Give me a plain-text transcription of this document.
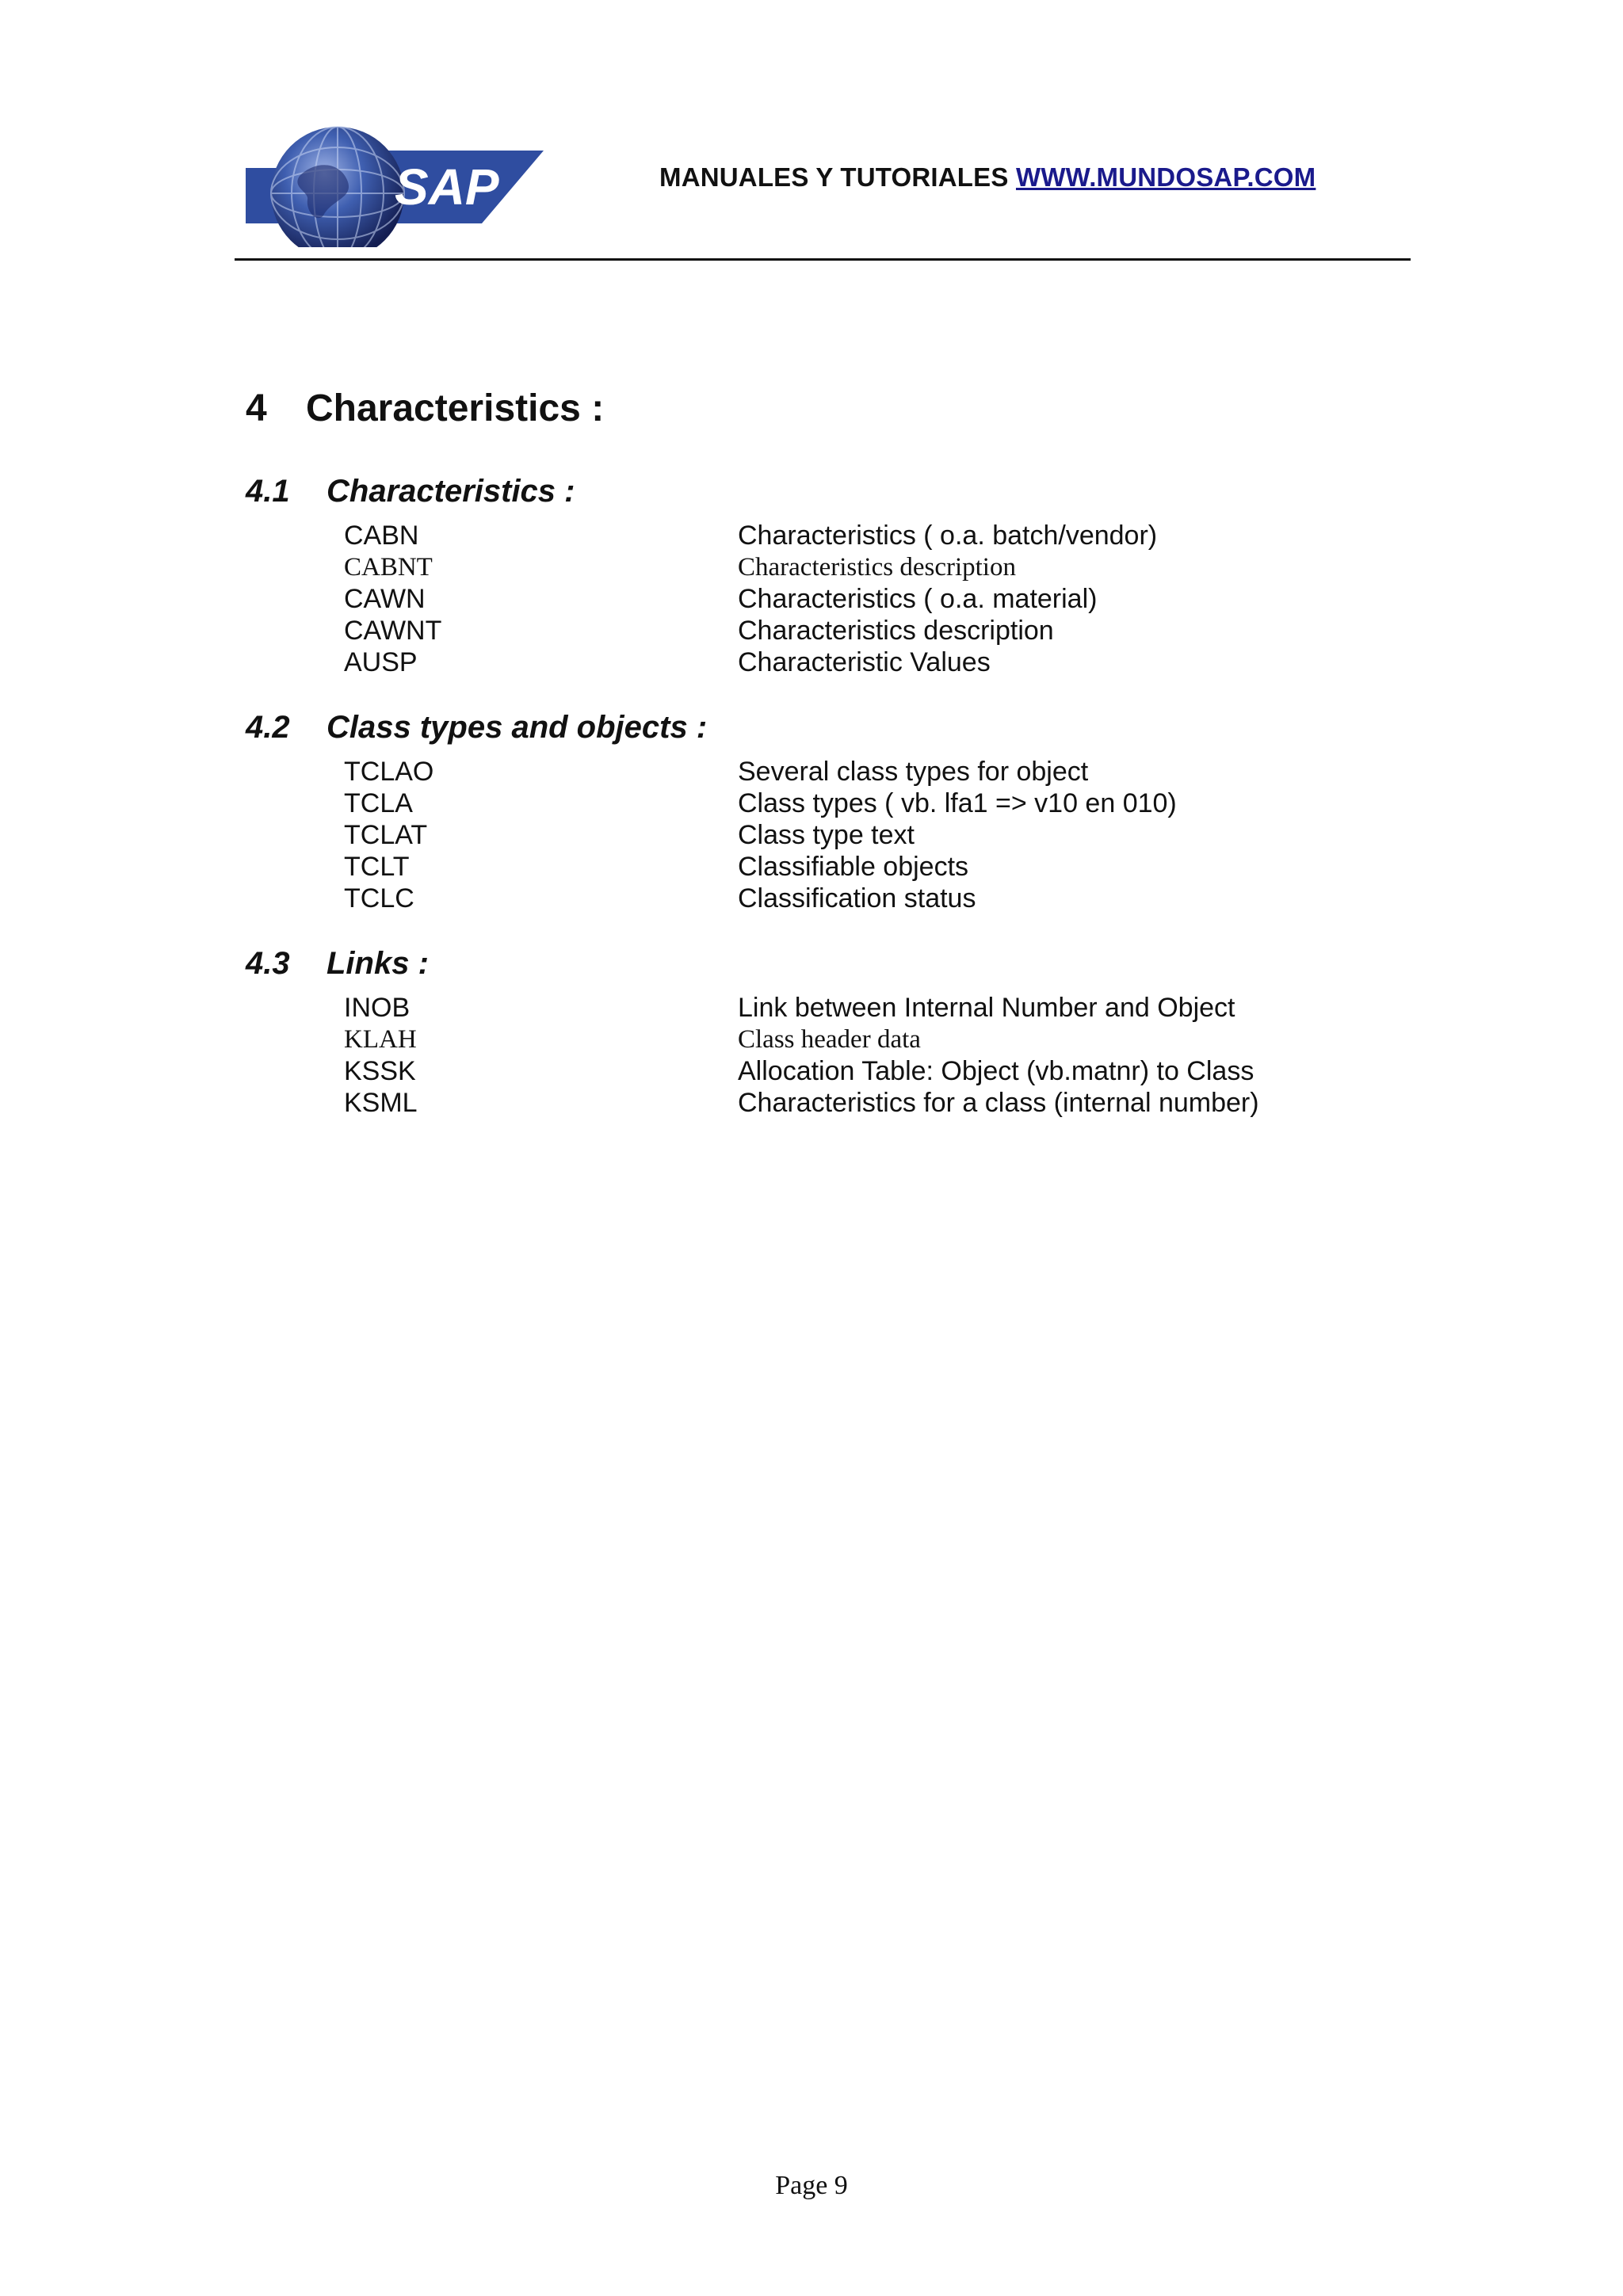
SAP	MANUALES Y TUTORIALES WWW.MUNDOSAP.COM
4 Characteristics :
4.1 Characteristics :
CABN	Characteristics ( o.a. batch/vendor)
CABNT	Characteristics description
CAWN	Characteristics ( o.a. material)
CAWNT	Characteristics description
AUSP	Characteristic Values
4.2 Class types and objects :
TCLAO	Several class types for object
TCLA	Class types ( vb. lfa1 => v10 en 010)
TCLAT	Class type text
TCLT	Classifiable objects
TCLC	Classification status
4.3 Links :
INOB	Link between Internal Number and Object
KLAH	Class header data
KSSK	Allocation Table: Object (vb.matnr) to Class
KSML	Characteristics for a class (internal number)
Page 9
